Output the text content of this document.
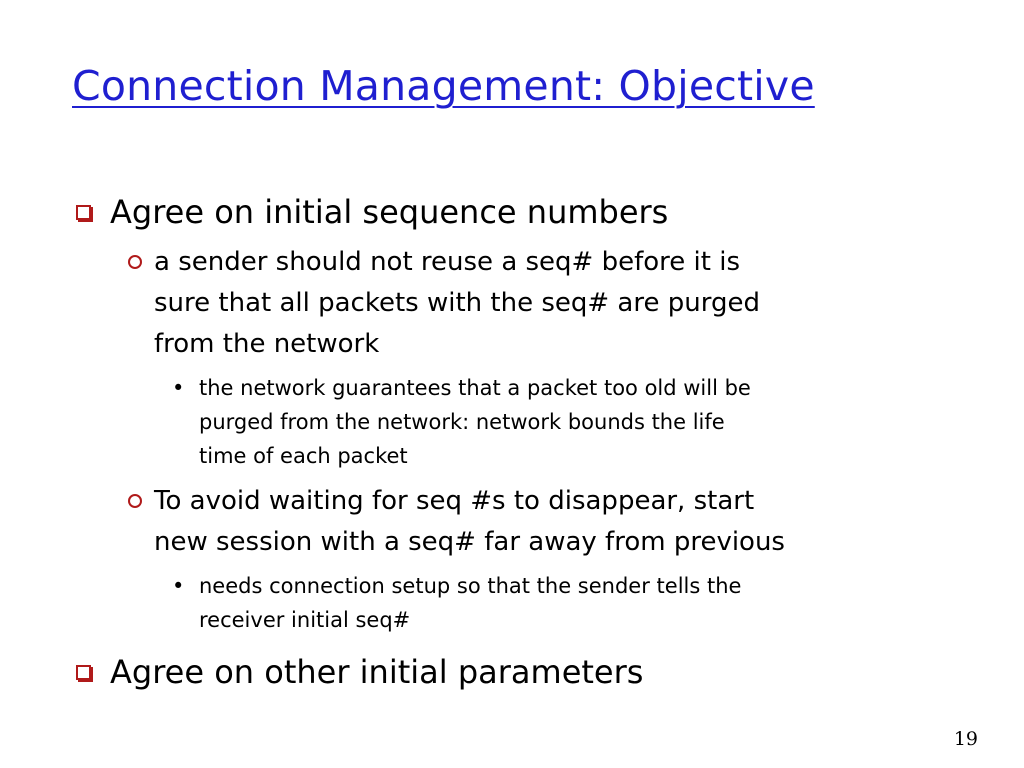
Connection Management: Objective
Agree on initial sequence numbers
a sender should not reuse a seq# before it is
sure that all packets with the seq# are purged
from the network
• the network guarantees that a packet too old will be
purged from the network: network bounds the life
time of each packet
To avoid waiting for seq #s to disappear, start
new session with a seq# far away from previous
• needs connection setup so that the sender tells the
receiver initial seq#
Agree on other initial parameters
19
